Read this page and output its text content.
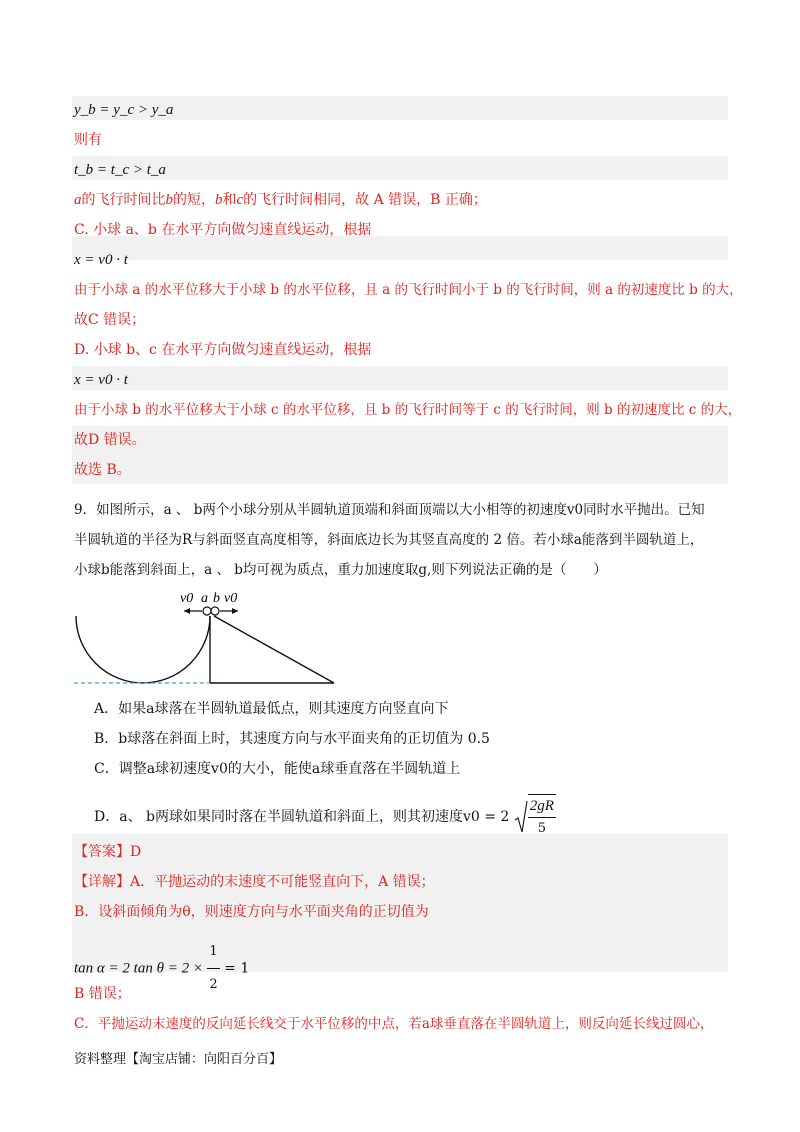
y_b = y_c > y_a
则有
t_b = t_c > t_a
a的飞行时间比b的短，b和c的飞行时间相同，故 A 错误，B 正确；
C. 小球 a、b 在水平方向做匀速直线运动，根据
x = v0 · t
由于小球 a 的水平位移大于小球 b 的水平位移，且 a 的飞行时间小于 b 的飞行时间，则 a 的初速度比 b 的大，
故C 错误；
D. 小球 b、c 在水平方向做匀速直线运动，根据
x = v0 · t
由于小球 b 的水平位移大于小球 c 的水平位移，且 b 的飞行时间等于 c 的飞行时间，则 b 的初速度比 c 的大，
故D 错误。
故选 B。
9．如图所示，a 、 b两个小球分别从半圆轨道顶端和斜面顶端以大小相等的初速度v0同时水平抛出。已知
半圆轨道的半径为R与斜面竖直高度相等，斜面底边长为其竖直高度的 2 倍。若小球a能落到半圆轨道上，
小球b能落到斜面上，a 、 b均可视为质点，重力加速度取g,则下列说法正确的是（　　）
v0 a b v0
A．如果a球落在半圆轨道最低点，则其速度方向竖直向下
B．b球落在斜面上时，其速度方向与水平面夹角的正切值为 0.5
C．调整a球初速度v0的大小，能使a球垂直落在半圆轨道上
D．a、 b两球如果同时落在半圆轨道和斜面上，则其初速度$v0 = 2 \frac{2gR}{5}$
【答案】D
【详解】A．平抛运动的末速度不可能竖直向下，A 错误；
B．设斜面倾角为θ，则速度方向与水平面夹角的正切值为
tan α = 2 $\tan \theta = 2 \times \frac{1}{2} = 1$
B 错误；
C．平抛运动末速度的反向延长线交于水平位移的中点，若a球垂直落在半圆轨道上，则反向延长线过圆心，
资料整理【淘宝店铺：向阳百分百】
